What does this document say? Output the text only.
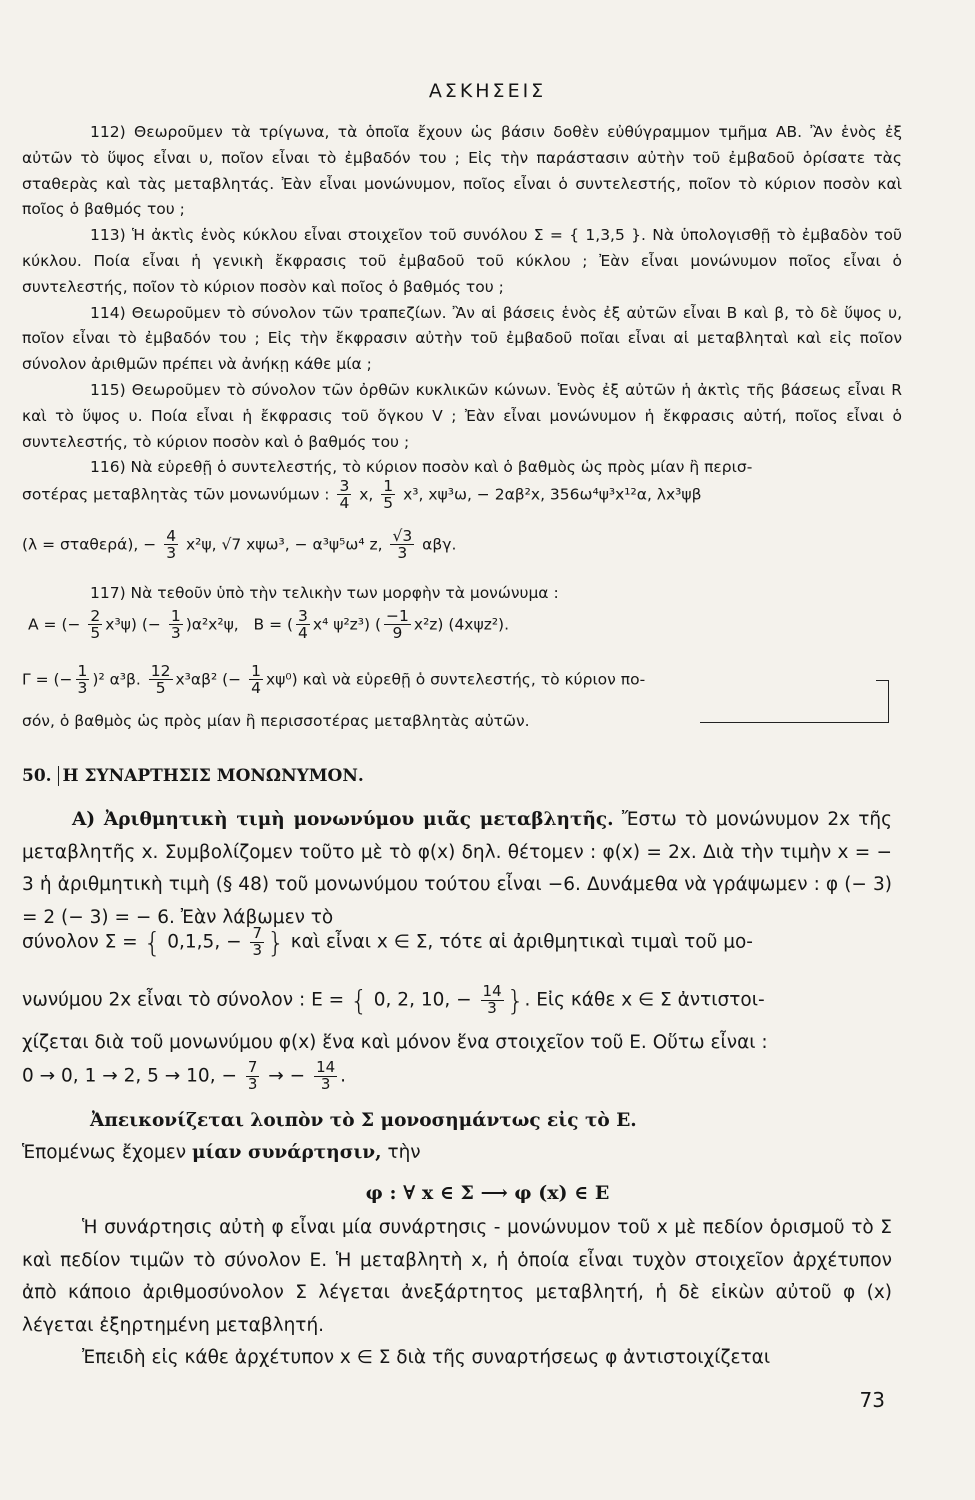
ΑΣΚΗΣΕΙΣ

112) Θεωροῦμεν τὰ τρίγωνα, τὰ ὁποῖα ἔχουν ὡς βάσιν δοθὲν εὐθύγραμμον τμῆμα ΑΒ. Ἂν ἑνὸς ἐξ αὐτῶν τὸ ὕψος εἶναι υ, ποῖον εἶναι τὸ ἐμβαδόν του ; Εἰς τὴν παράστασιν αὐτὴν τοῦ ἐμβαδοῦ ὁρίσατε τὰς σταθερὰς καὶ τὰς μεταβλητάς. Ἐὰν εἶναι μονώνυμον, ποῖος εἶναι ὁ συντελεστής, ποῖον τὸ κύριον ποσὸν καὶ ποῖος ὁ βαθμός του ;

113) Ἡ ἀκτὶς ἑνὸς κύκλου εἶναι στοιχεῖον τοῦ συνόλου Σ = { 1,3,5 }. Νὰ ὑπολογισθῇ τὸ ἐμβαδὸν τοῦ κύκλου. Ποία εἶναι ἡ γενικὴ ἔκφρασις τοῦ ἐμβαδοῦ τοῦ κύκλου ; Ἐὰν εἶναι μονώνυμον ποῖος εἶναι ὁ συντελεστής, ποῖον τὸ κύριον ποσὸν καὶ ποῖος ὁ βαθμός του ;

114) Θεωροῦμεν τὸ σύνολον τῶν τραπεζίων. Ἂν αἱ βάσεις ἑνὸς ἐξ αὐτῶν εἶναι Β καὶ β, τὸ δὲ ὕψος υ, ποῖον εἶναι τὸ ἐμβαδόν του ; Εἰς τὴν ἔκφρασιν αὐτὴν τοῦ ἐμβαδοῦ ποῖαι εἶναι αἱ μεταβληταὶ καὶ εἰς ποῖον σύνολον ἀριθμῶν πρέπει νὰ ἀνήκῃ κάθε μία ;

115) Θεωροῦμεν τὸ σύνολον τῶν ὀρθῶν κυκλικῶν κώνων. Ἑνὸς ἐξ αὐτῶν ἡ ἀκτὶς τῆς βάσεως εἶναι R καὶ τὸ ὕψος υ. Ποία εἶναι ἡ ἔκφρασις τοῦ ὄγκου V ; Ἐὰν εἶναι μονώνυμον ἡ ἔκφρασις αὐτή, ποῖος εἶναι ὁ συντελεστής, τὸ κύριον ποσὸν καὶ ὁ βαθμός του ;

116) Νὰ εὑρεθῇ ὁ συντελεστής, τὸ κύριον ποσὸν καὶ ὁ βαθμὸς ὡς πρὸς μίαν ἢ περισ-

σοτέρας μεταβλητὰς τῶν μονωνύμων : $\frac{3}{4} x$, $\frac{1}{5} x^3$, xψ³ω, − 2αβ²x, 356ω⁴ψ³x¹²α, λx³ψβ
(λ = σταθερά), − $\frac{4}{3} x^2\psi$, √7 xψω³, − α³ψ⁵ω⁴ z, $\frac{√3}{3} \alpha\beta\gamma$.
117) Νὰ τεθοῦν ὑπὸ τὴν τελικὴν των μορφὴν τὰ μονώνυμα :
A = (− $\frac{2}{5} x^3\psi$) (− $\frac{1}{3} )\alpha^2x^2\psi$,   B = ( $\frac{3}{4} x^4$ ψ²z³) ( $\frac{-1}{9} x^2z$) (4xψz²).
Γ = (− $\frac{1}{3} )^2$ α³β. $\frac{12}{5} x^3\alpha\beta^2$ (− $\frac{1}{4} x\psi^0$) καὶ νὰ εὑρεθῇ ὁ συντελεστής, τὸ κύριον πο-
σόν, ὁ βαθμὸς ὡς πρὸς μίαν ἢ περισσοτέρας μεταβλητὰς αὐτῶν.
50. Η ΣΥΝΑΡΤΗΣΙΣ ΜΟΝΩΝΥΜΟΝ.

Α) Ἀριθμητικὴ τιμὴ μονωνύμου μιᾶς μεταβλητῆς. Ἔστω τὸ μονώνυμον 2x τῆς μεταβλητῆς x. Συμβολίζομεν τοῦτο μὲ τὸ φ(x) δηλ. θέτομεν : φ(x) = 2x. Διὰ τὴν τιμὴν x = − 3 ἡ ἀριθμητικὴ τιμὴ (§ 48) τοῦ μονωνύμου τούτου εἶναι −6. Δυνάμεθα νὰ γράψωμεν : φ (− 3) = 2 (− 3) = − 6. Ἐὰν λάβωμεν τὸ

σύνολον Σ = { 0,1,5, − $\frac{7}{3}$ } καὶ εἶναι x ∈ Σ, τότε αἱ ἀριθμητικαὶ τιμαὶ τοῦ μο-
νωνύμου 2x εἶναι τὸ σύνολον : Ε = { 0, 2, 10, − $\frac{14}{3}$ }. Εἰς κάθε x ∈ Σ ἀντιστοι-
χίζεται διὰ τοῦ μονωνύμου φ(x) ἕνα καὶ μόνον ἕνα στοιχεῖον τοῦ Ε. Οὕτω εἶναι :
0 → 0, 1 → 2, 5 → 10, − $\frac{7}{3}$ → − $\frac{14}{3}$ .
Ἀπεικονίζεται λοιπὸν τὸ Σ μονοσημάντως εἰς τὸ Ε.
Ἑπομένως ἔχομεν μίαν συνάρτησιν, τὴν
φ : ∀ x ∈ Σ ⟶ φ (x) ∈ Ε

Ἡ συνάρτησις αὐτὴ φ εἶναι μία συνάρτησις - μονώνυμον τοῦ x μὲ πεδίον ὁρισμοῦ τὸ Σ καὶ πεδίον τιμῶν τὸ σύνολον Ε. Ἡ μεταβλητὴ x, ἡ ὁποία εἶναι τυχὸν στοιχεῖον ἀρχέτυπον ἀπὸ κάποιο ἀριθμοσύνολον Σ λέγεται ἀνεξάρτητος μεταβλητή, ἡ δὲ εἰκὼν αὐτοῦ φ (x) λέγεται ἐξηρτημένη μεταβλητή.

Ἐπειδὴ εἰς κάθε ἀρχέτυπον x ∈ Σ διὰ τῆς συναρτήσεως φ ἀντιστοιχίζεται

73
